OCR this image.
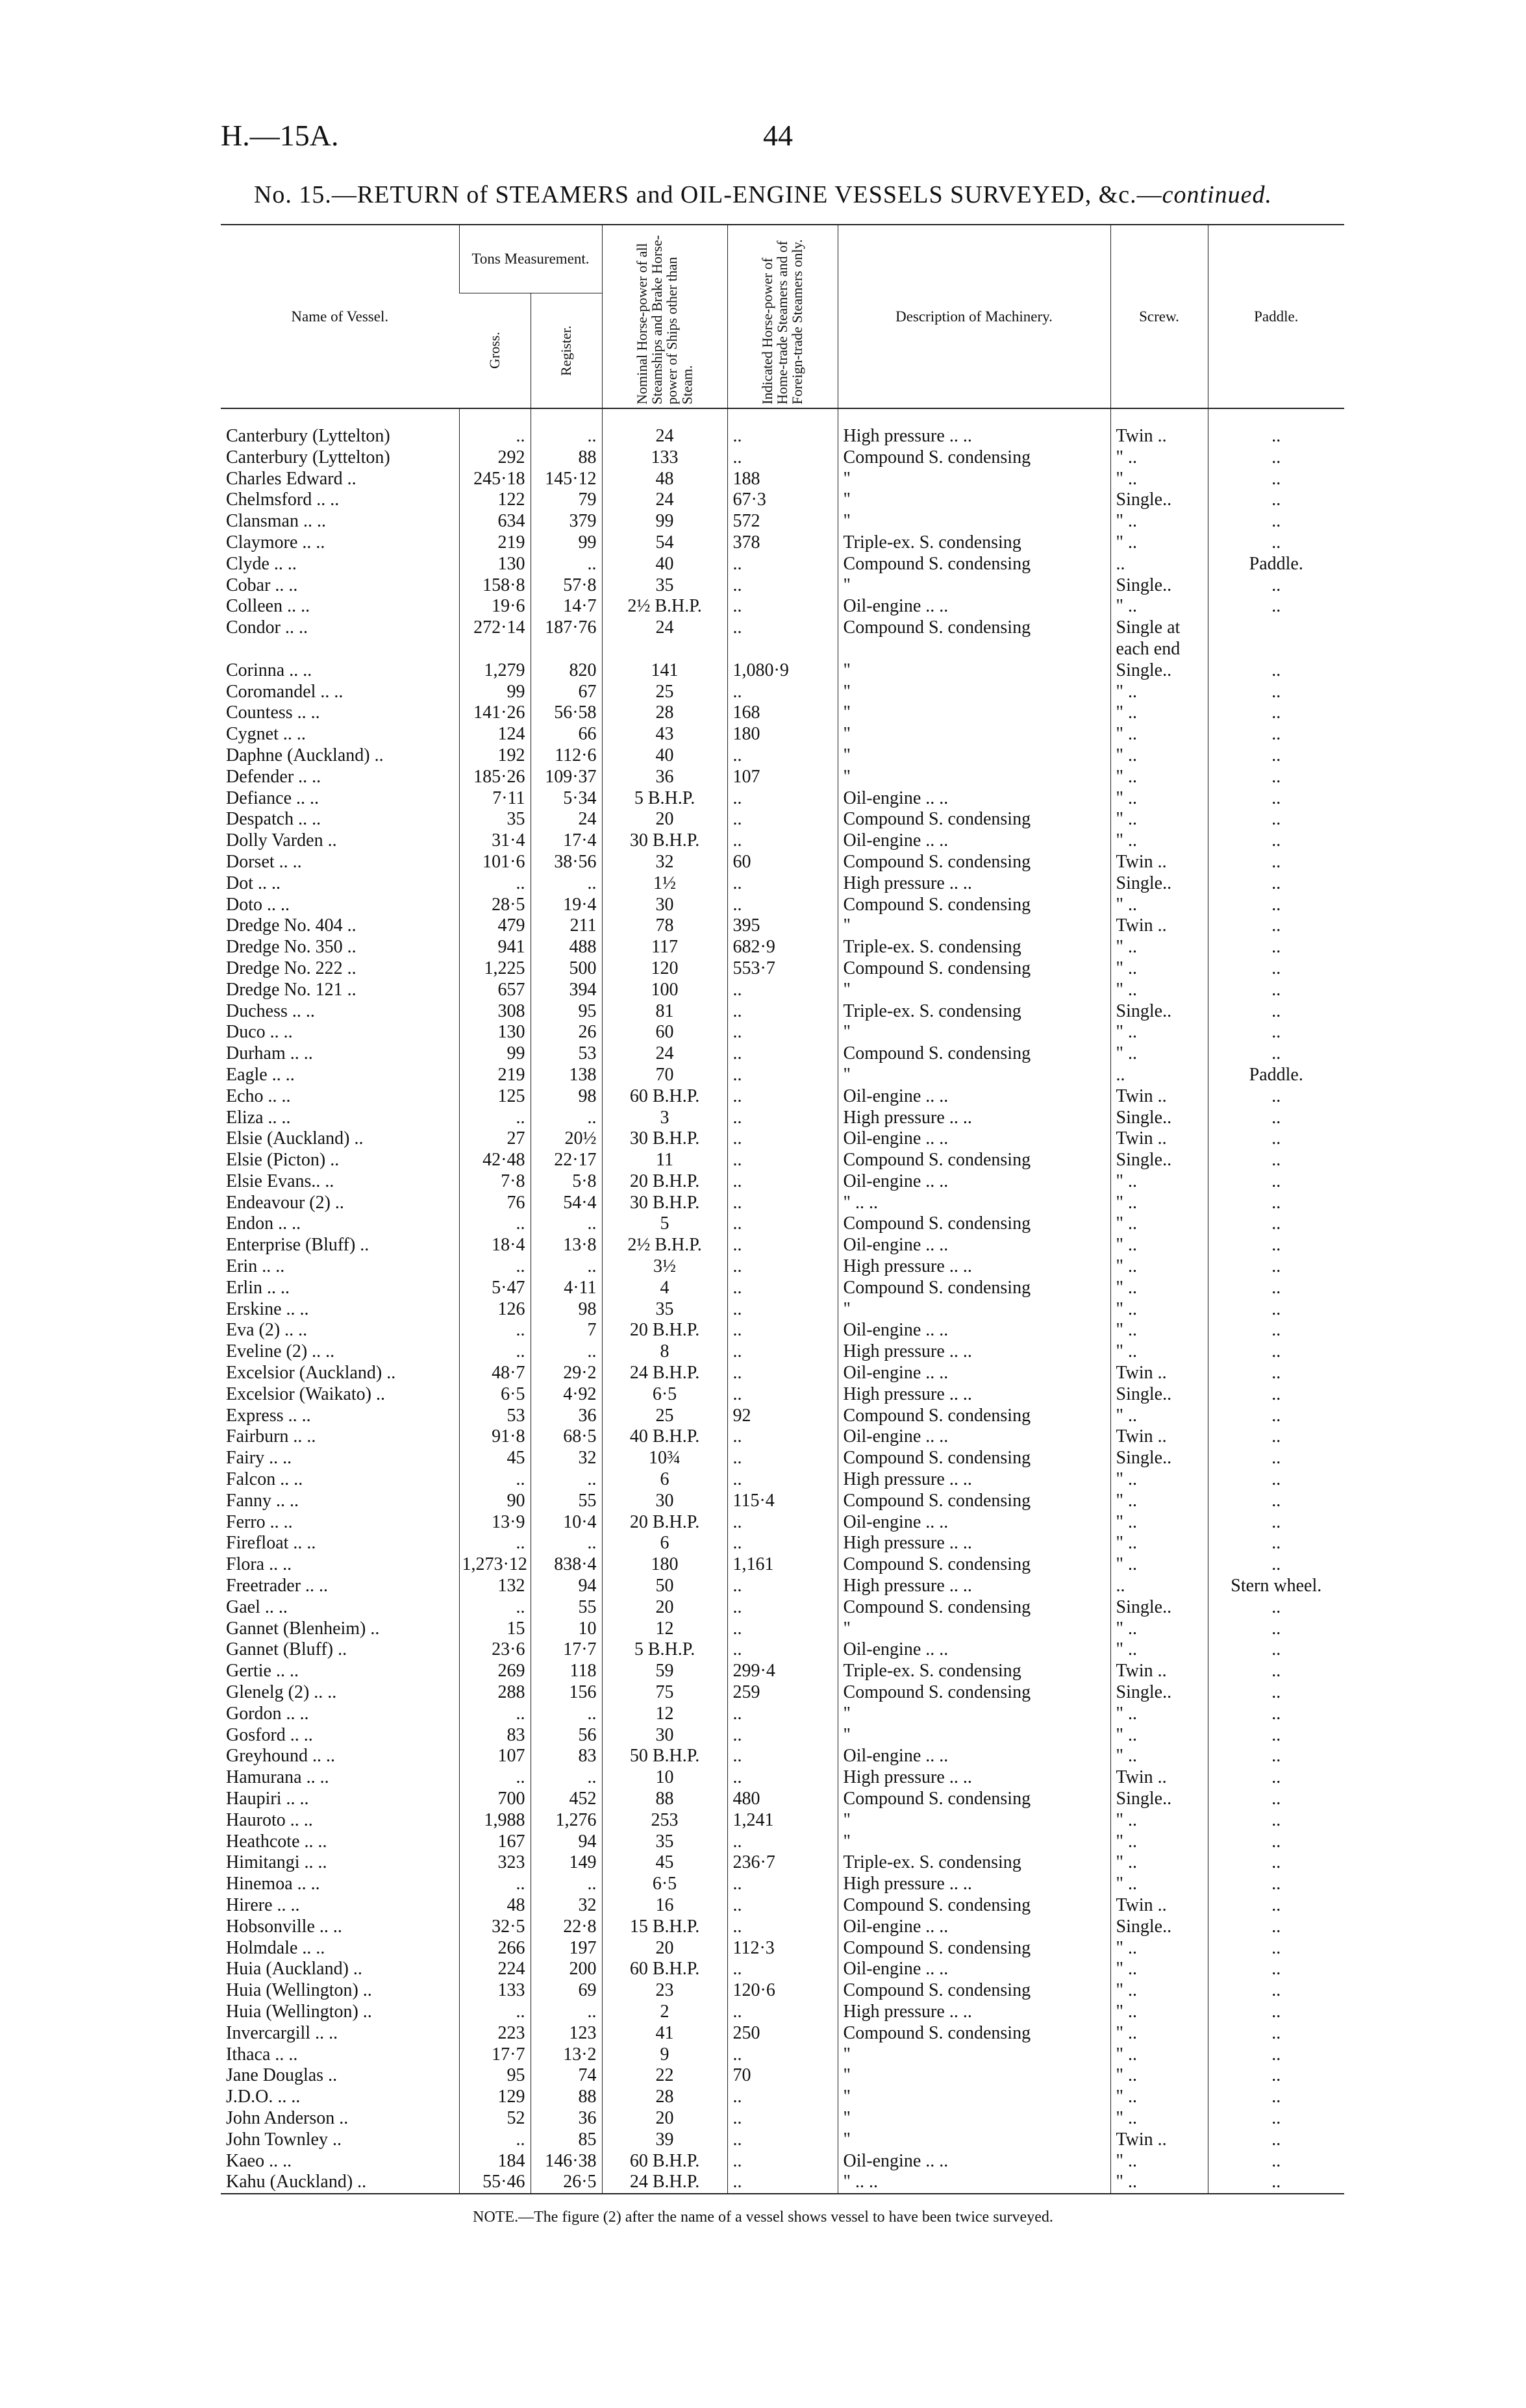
H.—15A.	44
No. 15.—RETURN of STEAMERS and OIL-ENGINE VESSELS SURVEYED, &c.—continued.
Name of Vessel.	Tons Measurement.		Nominal Horse-power of all Steamships and Brake Horse-power of Ships other than Steam.	Indicated Horse-power of Home-trade Steamers and of Foreign-trade Steamers only.	Description of Machinery.	Screw.	Paddle.

	Gross.	Register.					

Canterbury (Lyttelton)	..	..	24	..	High pressure .. ..	Twin ..	..
Canterbury (Lyttelton)	292	88	133	..	Compound S. condensing	" ..	..
Charles Edward ..	245·18	145·12	48	188	"	" ..	..
Chelmsford .. ..	122	79	24	67·3	"	Single..	..
Clansman .. ..	634	379	99	572	"	" ..	..
Claymore .. ..	219	99	54	378	Triple-ex. S. condensing	" ..	..
Clyde .. ..	130	..	40	..	Compound S. condensing	..	Paddle.
Cobar .. ..	158·8	57·8	35	..	"	Single..	..
Colleen .. ..	19·6	14·7	2½ B.H.P.	..	Oil-engine .. ..	" ..	..
Condor .. ..	272·14	187·76	24	..	Compound S. condensing	Single at	
						each end	
Corinna .. ..	1,279	820	141	1,080·9	"	Single..	..
Coromandel .. ..	99	67	25	..	"	" ..	..
Countess .. ..	141·26	56·58	28	168	"	" ..	..
Cygnet .. ..	124	66	43	180	"	" ..	..
Daphne (Auckland) ..	192	112·6	40	..	"	" ..	..
Defender .. ..	185·26	109·37	36	107	"	" ..	..
Defiance .. ..	7·11	5·34	5 B.H.P.	..	Oil-engine .. ..	" ..	..
Despatch .. ..	35	24	20	..	Compound S. condensing	" ..	..
Dolly Varden ..	31·4	17·4	30 B.H.P.	..	Oil-engine .. ..	" ..	..
Dorset .. ..	101·6	38·56	32	60	Compound S. condensing	Twin ..	..
Dot .. ..	..	..	1½	..	High pressure .. ..	Single..	..
Doto .. ..	28·5	19·4	30	..	Compound S. condensing	" ..	..
Dredge No. 404 ..	479	211	78	395	"	Twin ..	..
Dredge No. 350 ..	941	488	117	682·9	Triple-ex. S. condensing	" ..	..
Dredge No. 222 ..	1,225	500	120	553·7	Compound S. condensing	" ..	..
Dredge No. 121 ..	657	394	100	..	"	" ..	..
Duchess .. ..	308	95	81	..	Triple-ex. S. condensing	Single..	..
Duco .. ..	130	26	60	..	"	" ..	..
Durham .. ..	99	53	24	..	Compound S. condensing	" ..	..
Eagle .. ..	219	138	70	..	"	..	Paddle.
Echo .. ..	125	98	60 B.H.P.	..	Oil-engine .. ..	Twin ..	..
Eliza .. ..	..	..	3	..	High pressure .. ..	Single..	..
Elsie (Auckland) ..	27	20½	30 B.H.P.	..	Oil-engine .. ..	Twin ..	..
Elsie (Picton) ..	42·48	22·17	11	..	Compound S. condensing	Single..	..
Elsie Evans.. ..	7·8	5·8	20 B.H.P.	..	Oil-engine .. ..	" ..	..
Endeavour (2) ..	76	54·4	30 B.H.P.	..	" .. ..	" ..	..
Endon .. ..	..	..	5	..	Compound S. condensing	" ..	..
Enterprise (Bluff) ..	18·4	13·8	2½ B.H.P.	..	Oil-engine .. ..	" ..	..
Erin .. ..	..	..	3½	..	High pressure .. ..	" ..	..
Erlin .. ..	5·47	4·11	4	..	Compound S. condensing	" ..	..
Erskine .. ..	126	98	35	..	"	" ..	..
Eva (2) .. ..	..	7	20 B.H.P.	..	Oil-engine .. ..	" ..	..
Eveline (2) .. ..	..	..	8	..	High pressure .. ..	" ..	..
Excelsior (Auckland) ..	48·7	29·2	24 B.H.P.	..	Oil-engine .. ..	Twin ..	..
Excelsior (Waikato) ..	6·5	4·92	6·5	..	High pressure .. ..	Single..	..
Express .. ..	53	36	25	92	Compound S. condensing	" ..	..
Fairburn .. ..	91·8	68·5	40 B.H.P.	..	Oil-engine .. ..	Twin ..	..
Fairy .. ..	45	32	10¾	..	Compound S. condensing	Single..	..
Falcon .. ..	..	..	6	..	High pressure .. ..	" ..	..
Fanny .. ..	90	55	30	115·4	Compound S. condensing	" ..	..
Ferro .. ..	13·9	10·4	20 B.H.P.	..	Oil-engine .. ..	" ..	..
Firefloat .. ..	..	..	6	..	High pressure .. ..	" ..	..
Flora .. ..	1,273·12	838·4	180	1,161	Compound S. condensing	" ..	..
Freetrader .. ..	132	94	50	..	High pressure .. ..	..	Stern wheel.
Gael .. ..	..	55	20	..	Compound S. condensing	Single..	..
Gannet (Blenheim) ..	15	10	12	..	"	" ..	..
Gannet (Bluff) ..	23·6	17·7	5 B.H.P.	..	Oil-engine .. ..	" ..	..
Gertie .. ..	269	118	59	299·4	Triple-ex. S. condensing	Twin ..	..
Glenelg (2) .. ..	288	156	75	259	Compound S. condensing	Single..	..
Gordon .. ..	..	..	12	..	"	" ..	..
Gosford .. ..	83	56	30	..	"	" ..	..
Greyhound .. ..	107	83	50 B.H.P.	..	Oil-engine .. ..	" ..	..
Hamurana .. ..	..	..	10	..	High pressure .. ..	Twin ..	..
Haupiri .. ..	700	452	88	480	Compound S. condensing	Single..	..
Hauroto .. ..	1,988	1,276	253	1,241	"	" ..	..
Heathcote .. ..	167	94	35	..	"	" ..	..
Himitangi .. ..	323	149	45	236·7	Triple-ex. S. condensing	" ..	..
Hinemoa .. ..	..	..	6·5	..	High pressure .. ..	" ..	..
Hirere .. ..	48	32	16	..	Compound S. condensing	Twin ..	..
Hobsonville .. ..	32·5	22·8	15 B.H.P.	..	Oil-engine .. ..	Single..	..
Holmdale .. ..	266	197	20	112·3	Compound S. condensing	" ..	..
Huia (Auckland) ..	224	200	60 B.H.P.	..	Oil-engine .. ..	" ..	..
Huia (Wellington) ..	133	69	23	120·6	Compound S. condensing	" ..	..
Huia (Wellington) ..	..	..	2	..	High pressure .. ..	" ..	..
Invercargill .. ..	223	123	41	250	Compound S. condensing	" ..	..
Ithaca .. ..	17·7	13·2	9	..	"	" ..	..
Jane Douglas ..	95	74	22	70	"	" ..	..
J.D.O. .. ..	129	88	28	..	"	" ..	..
John Anderson ..	52	36	20	..	"	" ..	..
John Townley ..	..	85	39	..	"	Twin ..	..
Kaeo .. ..	184	146·38	60 B.H.P.	..	Oil-engine .. ..	" ..	..
Kahu (Auckland) ..	55·46	26·5	24 B.H.P.	..	" .. ..	" ..	..
NOTE.—The figure (2) after the name of a vessel shows vessel to have been twice surveyed.
